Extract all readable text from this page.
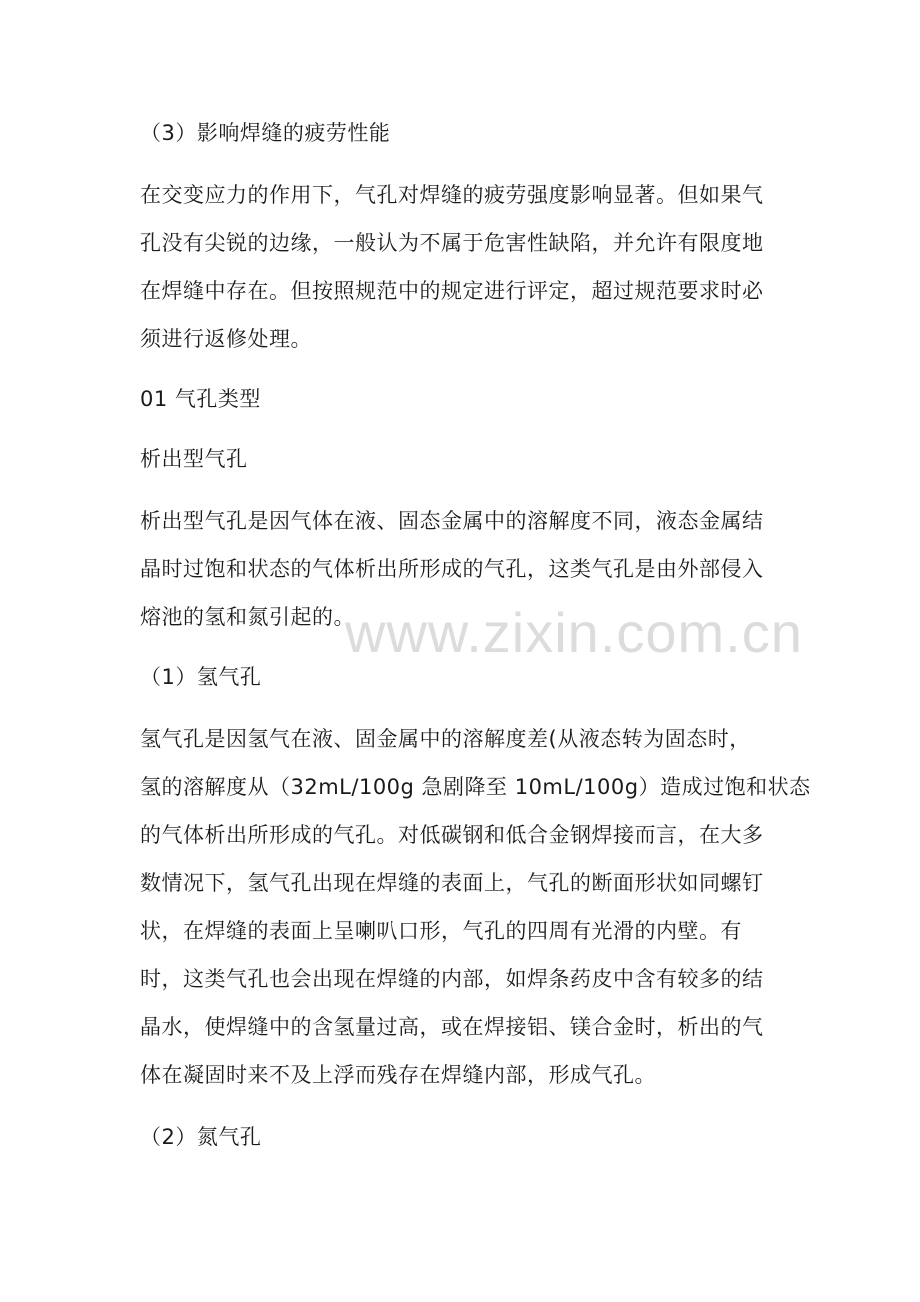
（3）影响焊缝的疲劳性能
在交变应力的作用下，气孔对焊缝的疲劳强度影响显著。但如果气
孔没有尖锐的边缘，一般认为不属于危害性缺陷，并允许有限度地
在焊缝中存在。但按照规范中的规定进行评定，超过规范要求时必
须进行返修处理。
01 气孔类型
析出型气孔
析出型气孔是因气体在液、固态金属中的溶解度不同，液态金属结
晶时过饱和状态的气体析出所形成的气孔，这类气孔是由外部侵入
熔池的氢和氮引起的。
（1）氢气孔
氢气孔是因氢气在液、固金属中的溶解度差(从液态转为固态时，
氢的溶解度从（32mL/100g 急剧降至 10mL/100g）造成过饱和状态
的气体析出所形成的气孔。对低碳钢和低合金钢焊接而言，在大多
数情况下，氢气孔出现在焊缝的表面上，气孔的断面形状如同螺钉
状，在焊缝的表面上呈喇叭口形，气孔的四周有光滑的内壁。有
时，这类气孔也会出现在焊缝的内部，如焊条药皮中含有较多的结
晶水，使焊缝中的含氢量过高，或在焊接铝、镁合金时，析出的气
体在凝固时来不及上浮而残存在焊缝内部，形成气孔。
（2）氮气孔
www.zixin.com.cn
